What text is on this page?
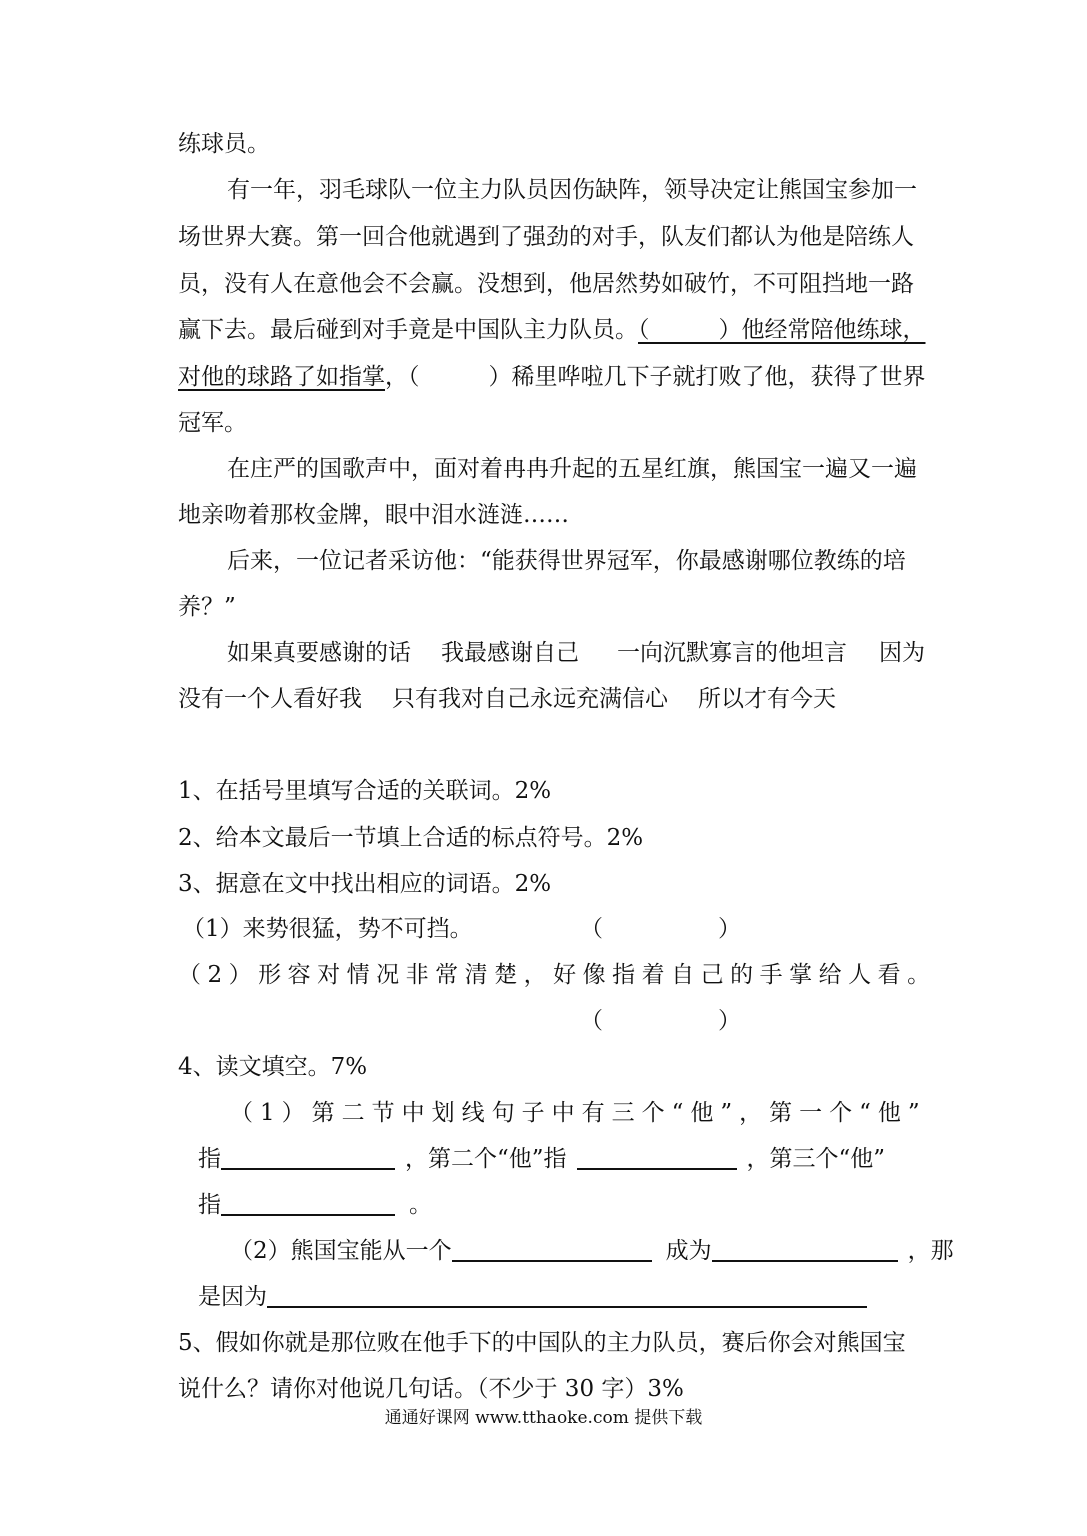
练球员。
有一年，羽毛球队一位主力队员因伤缺阵，领导决定让熊国宝参加一
场世界大赛。第一回合他就遇到了强劲的对手，队友们都认为他是陪练人
员，没有人在意他会不会赢。没想到，他居然势如破竹，不可阻挡地一路
赢下去。最后碰到对手竟是中国队主力队员。（　　　）他经常陪他练球，
对他的球路了如指掌，（　　　）稀里哗啦几下子就打败了他，获得了世界
冠军。
在庄严的国歌声中，面对着冉冉升起的五星红旗，熊国宝一遍又一遍
地亲吻着那枚金牌，眼中泪水涟涟……
后来，一位记者采访他：“能获得世界冠军，你最感谢哪位教练的培
养？”
如果真要感谢的话 我最感谢自己 一向沉默寡言的他坦言 因为
没有一个人看好我 只有我对自己永远充满信心 所以才有今天
1、在括号里填写合适的关联词。2%
2、给本文最后一节填上合适的标点符号。2%
3、据意在文中找出相应的词语。2%
（1）来势很猛，势不可挡。	（　　　　　）
（2）形容对情况非常清楚，好像指着自己的手掌给人看。
（　　　　　）
4、读文填空。7%
（1）第二节中划线句子中有三个“他”，第一个“他”
指	，第二个“他”指	，第三个“他”
指	。
（2）熊国宝能从一个	成为	，那
是因为
5、假如你就是那位败在他手下的中国队的主力队员，赛后你会对熊国宝
说什么？请你对他说几句话。（不少于 30 字）3%
通通好课网 www.tthaoke.com 提供下载
